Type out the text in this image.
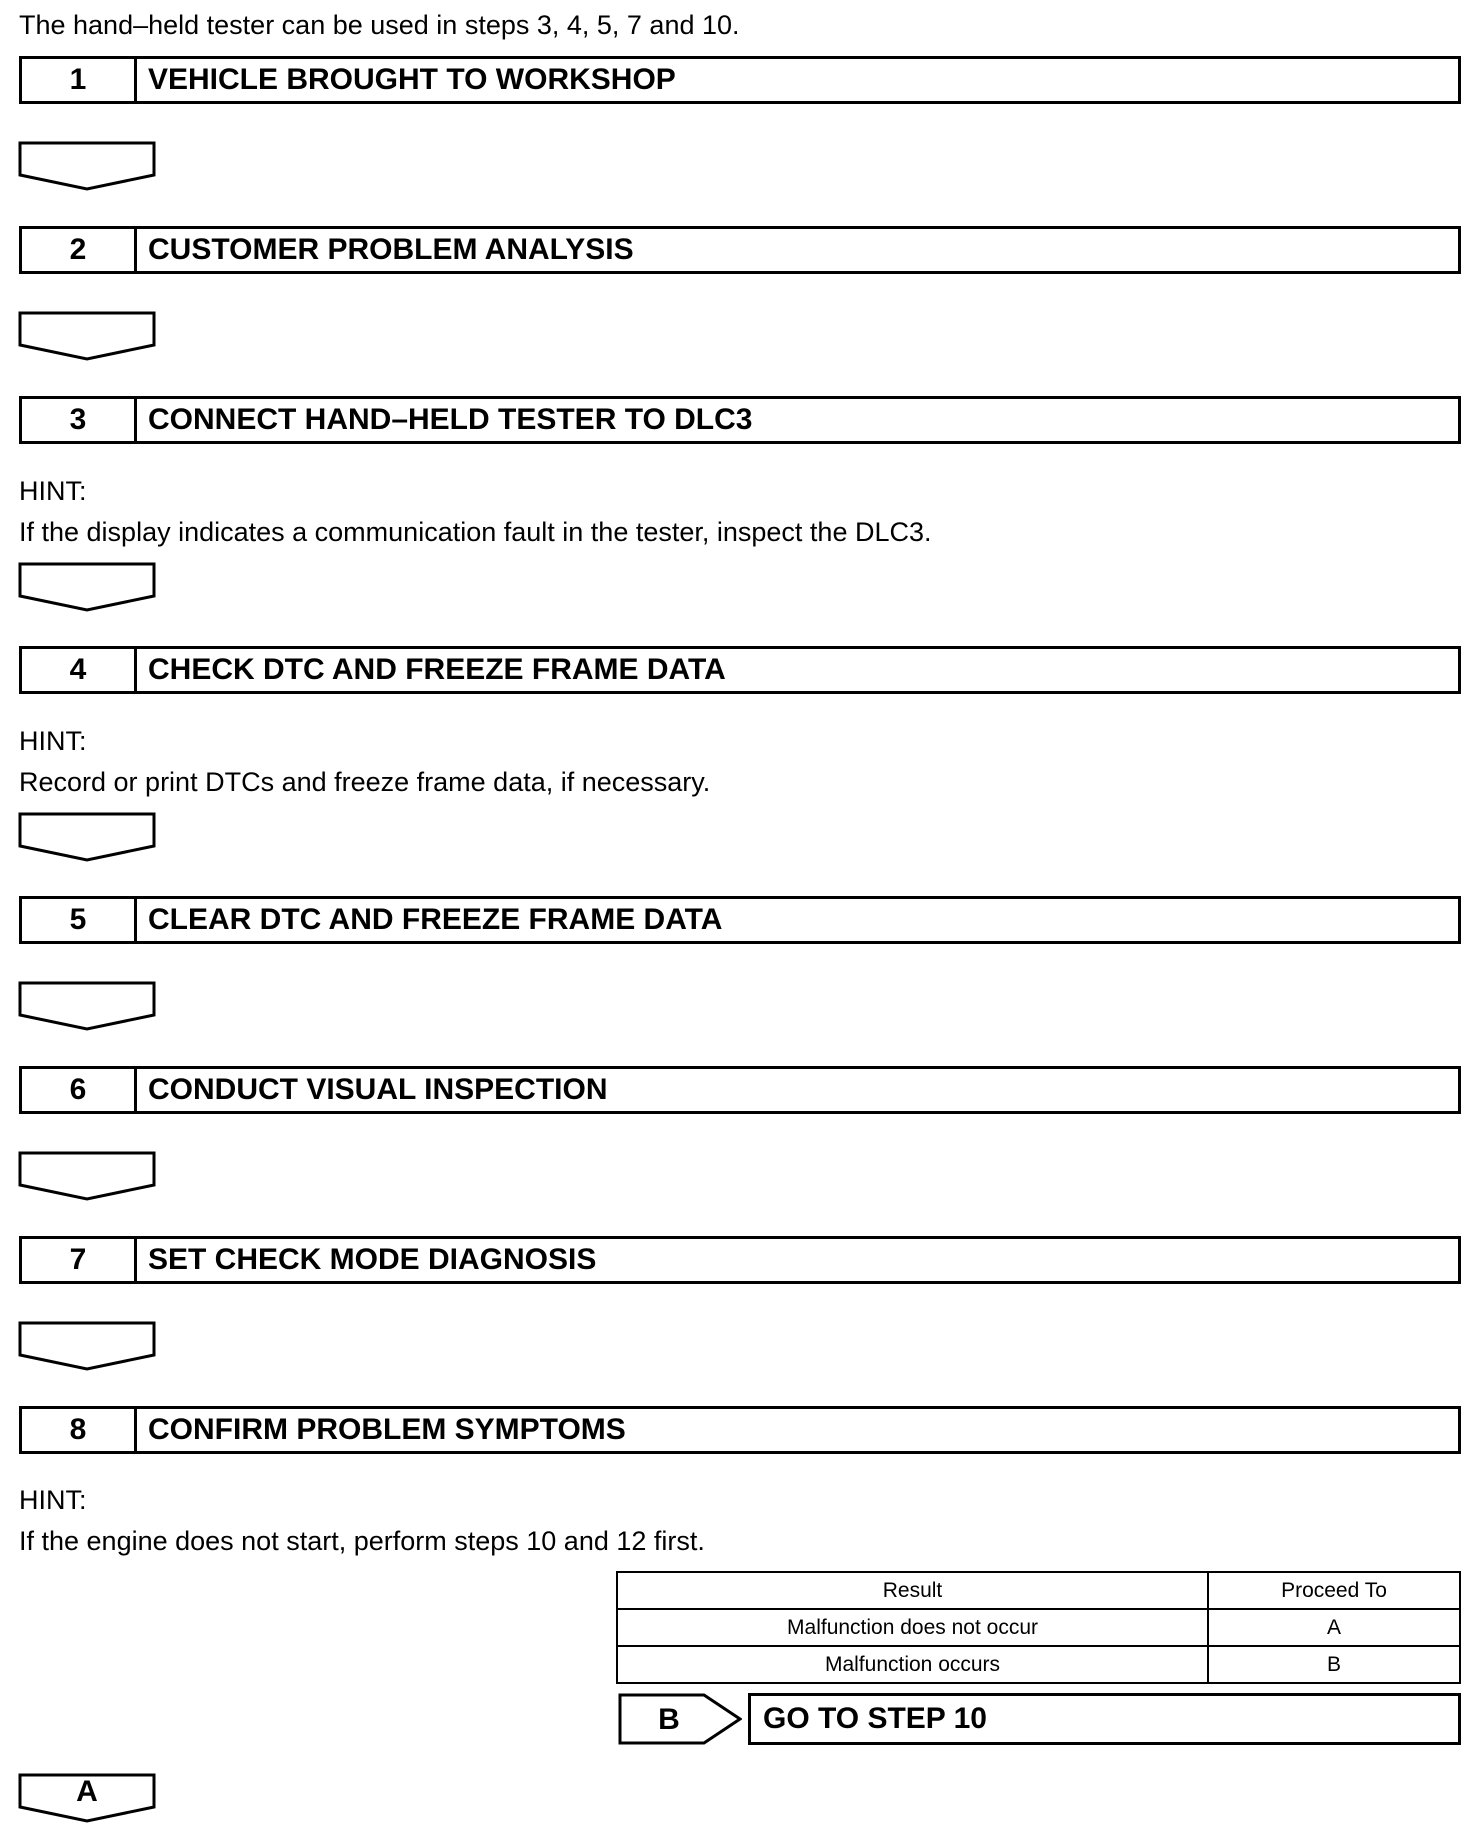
The hand–held tester can be used in steps 3, 4, 5, 7 and 10.
1	VEHICLE BROUGHT TO WORKSHOP
2	CUSTOMER PROBLEM ANALYSIS
3	CONNECT HAND–HELD TESTER TO DLC3
HINT:
If the display indicates a communication fault in the tester, inspect the DLC3.
4	CHECK DTC AND FREEZE FRAME DATA
HINT:
Record or print DTCs and freeze frame data, if necessary.
5	CLEAR DTC AND FREEZE FRAME DATA
6	CONDUCT VISUAL INSPECTION
7	SET CHECK MODE DIAGNOSIS
8	CONFIRM PROBLEM SYMPTOMS
HINT:
If the engine does not start, perform steps 10 and 12 first.
Result	Proceed To
Malfunction does not occur	A
Malfunction occurs	B
B	GO TO STEP 10
A
